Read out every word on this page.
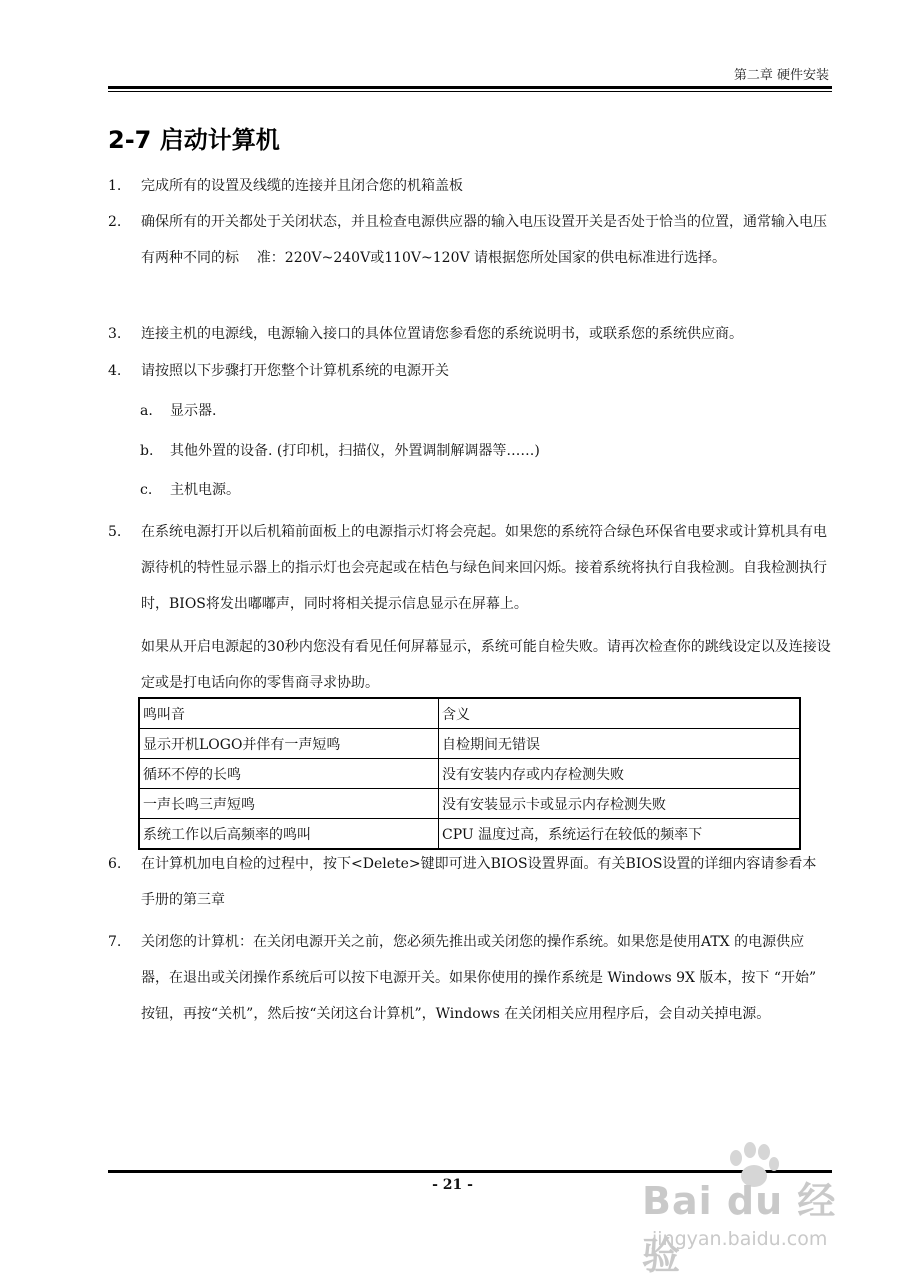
第二章 硬件安装
2-7 启动计算机
1.	完成所有的设置及线缆的连接并且闭合您的机箱盖板
2.	确保所有的开关都处于关闭状态，并且检查电源供应器的输入电压设置开关是否处于恰当的位置，通常输入电压有两种不同的标    准：220V~240V或110V~120V 请根据您所处国家的供电标准进行选择。
3.	连接主机的电源线，电源输入接口的具体位置请您参看您的系统说明书，或联系您的系统供应商。
4.	请按照以下步骤打开您整个计算机系统的电源开关
a. 显示器.
b. 其他外置的设备. (打印机，扫描仪，外置调制解调器等……)
c. 主机电源。
5.	在系统电源打开以后机箱前面板上的电源指示灯将会亮起。如果您的系统符合绿色环保省电要求或计算机具有电源待机的特性显示器上的指示灯也会亮起或在桔色与绿色间来回闪烁。接着系统将执行自我检测。自我检测执行时，BIOS将发出嘟嘟声，同时将相关提示信息显示在屏幕上。
如果从开启电源起的30秒内您没有看见任何屏幕显示，系统可能自检失败。请再次检查你的跳线设定以及连接设定或是打电话向你的零售商寻求协助。
鸣叫音	含义
显示开机LOGO并伴有一声短鸣	自检期间无错误
循环不停的长鸣	没有安装内存或内存检测失败
一声长鸣三声短鸣	没有安装显示卡或显示内存检测失败
系统工作以后高频率的鸣叫	CPU 温度过高，系统运行在较低的频率下
6.	在计算机加电自检的过程中，按下<Delete>键即可进入BIOS设置界面。有关BIOS设置的详细内容请参看本手册的第三章
7.	关闭您的计算机：在关闭电源开关之前，您必须先推出或关闭您的操作系统。如果您是使用ATX 的电源供应器，在退出或关闭操作系统后可以按下电源开关。如果你使用的操作系统是 Windows 9X 版本，按下 “开始” 按钮，再按“关机”，然后按“关闭这台计算机”，Windows 在关闭相关应用程序后，会自动关掉电源。
- 21 -	Bai du 经验
jingyan.baidu.com
